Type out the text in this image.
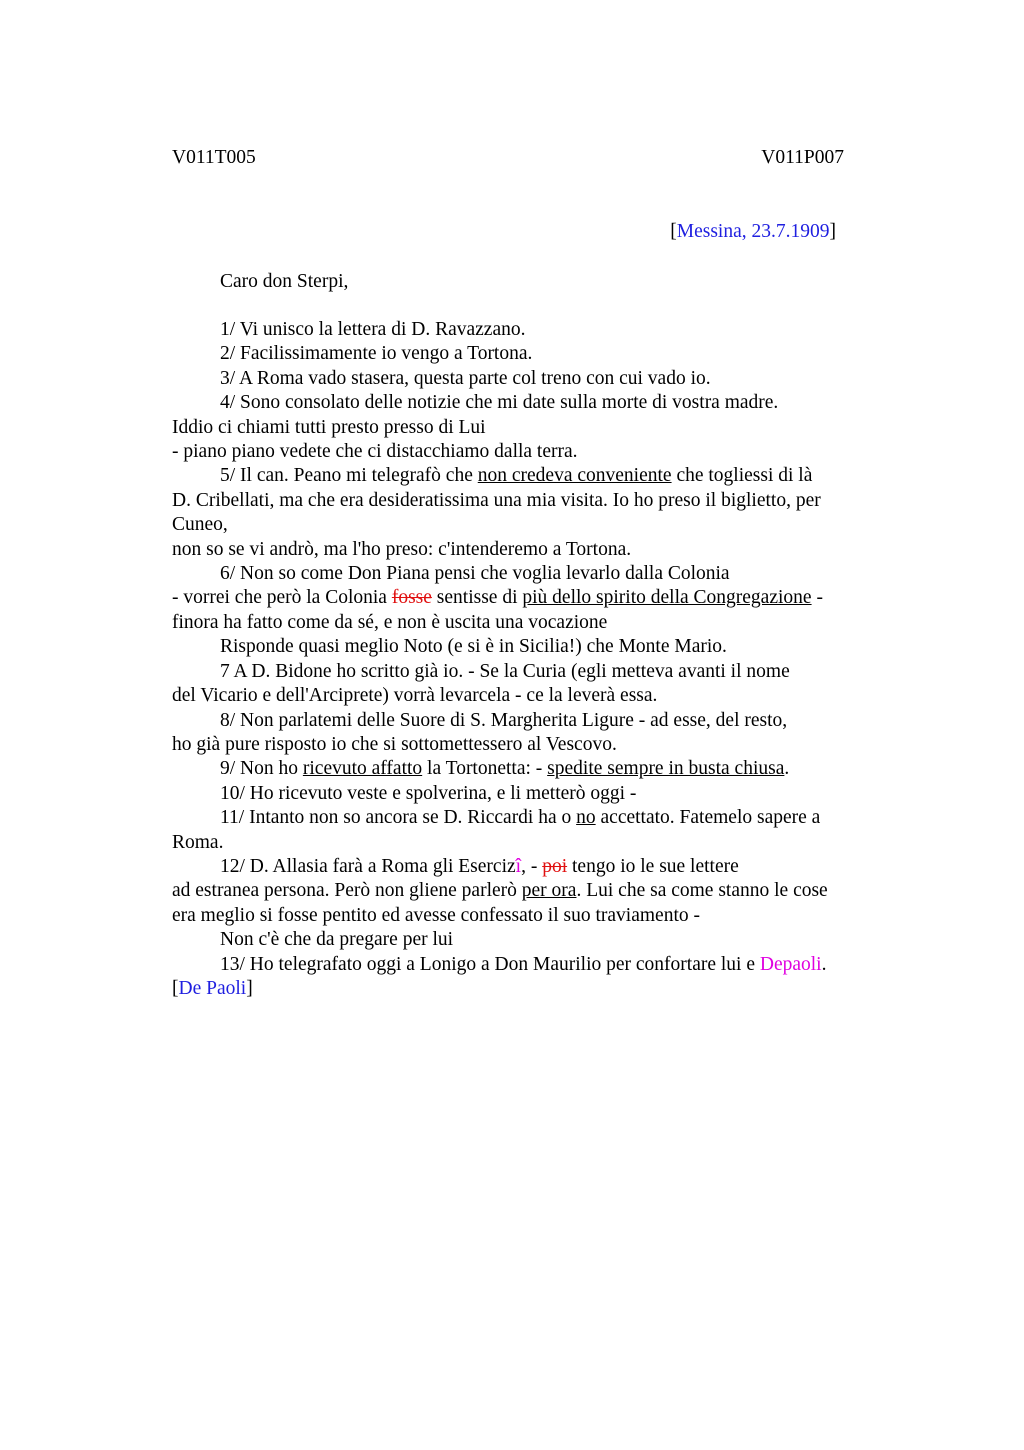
V011T005	V011P007
[Messina, 23.7.1909]
Caro don Sterpi,
1/ Vi unisco la lettera di D. Ravazzano.
2/ Facilissimamente io vengo a Tortona.
3/ A Roma vado stasera, questa parte col treno con cui vado io.
4/ Sono consolato delle notizie che mi date sulla morte di vostra madre.
Iddio ci chiami tutti presto presso di Lui
- piano piano vedete che ci distacchiamo dalla terra.
5/ Il can. Peano mi telegrafò che non credeva conveniente che togliessi di là
D. Cribellati, ma che era desideratissima una mia visita. Io ho preso il biglietto, per
Cuneo,
non so se vi andrò, ma l'ho preso: c'intenderemo a Tortona.
6/ Non so come Don Piana pensi che voglia levarlo dalla Colonia
- vorrei che però la Colonia fosse sentisse di più dello spirito della Congregazione -
finora ha fatto come da sé, e non è uscita una vocazione
Risponde quasi meglio Noto (e si è in Sicilia!) che Monte Mario.
7 A D. Bidone ho scritto già io. - Se la Curia (egli metteva avanti il nome
del Vicario e dell'Arciprete) vorrà levarcela - ce la leverà essa.
8/ Non parlatemi delle Suore di S. Margherita Ligure - ad esse, del resto,
ho già pure risposto io che si sottomettessero al Vescovo.
9/ Non ho ricevuto affatto la Tortonetta: - spedite sempre in busta chiusa.
10/ Ho ricevuto veste e spolverina, e li metterò oggi -
11/ Intanto non so ancora se D. Riccardi ha o no accettato. Fatemelo sapere a
Roma.
12/ D. Allasia farà a Roma gli Esercizî, - poi tengo io le sue lettere
ad estranea persona. Però non gliene parlerò per ora. Lui che sa come stanno le cose
era meglio si fosse pentito ed avesse confessato il suo traviamento -
Non c'è che da pregare per lui
13/ Ho telegrafato oggi a Lonigo a Don Maurilio per confortare lui e Depaoli.
[De Paoli]
